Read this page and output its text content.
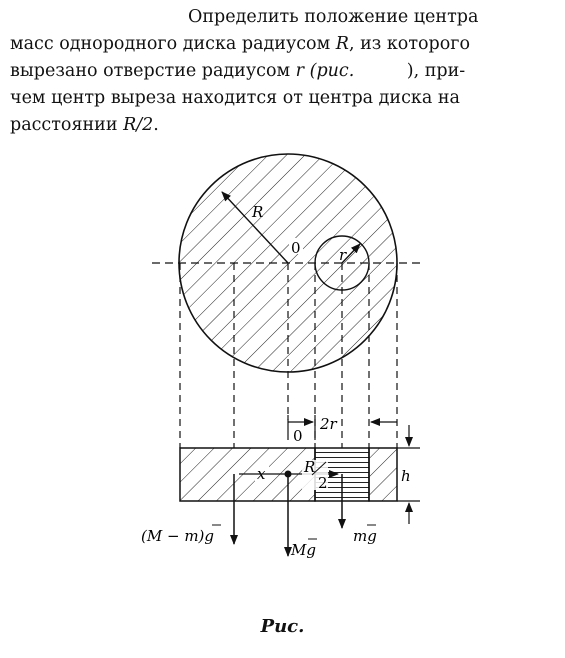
Определить положение центра
масс однородного диска радиусом R, из которого
вырезано отверстие радиусом r (рис.   	), при-
чем центр выреза находится от центра диска на
расстоянии R/2.
R
0	r
0
2r
h
x	R
2
(M − m)g
Mg
mg
Рис.
